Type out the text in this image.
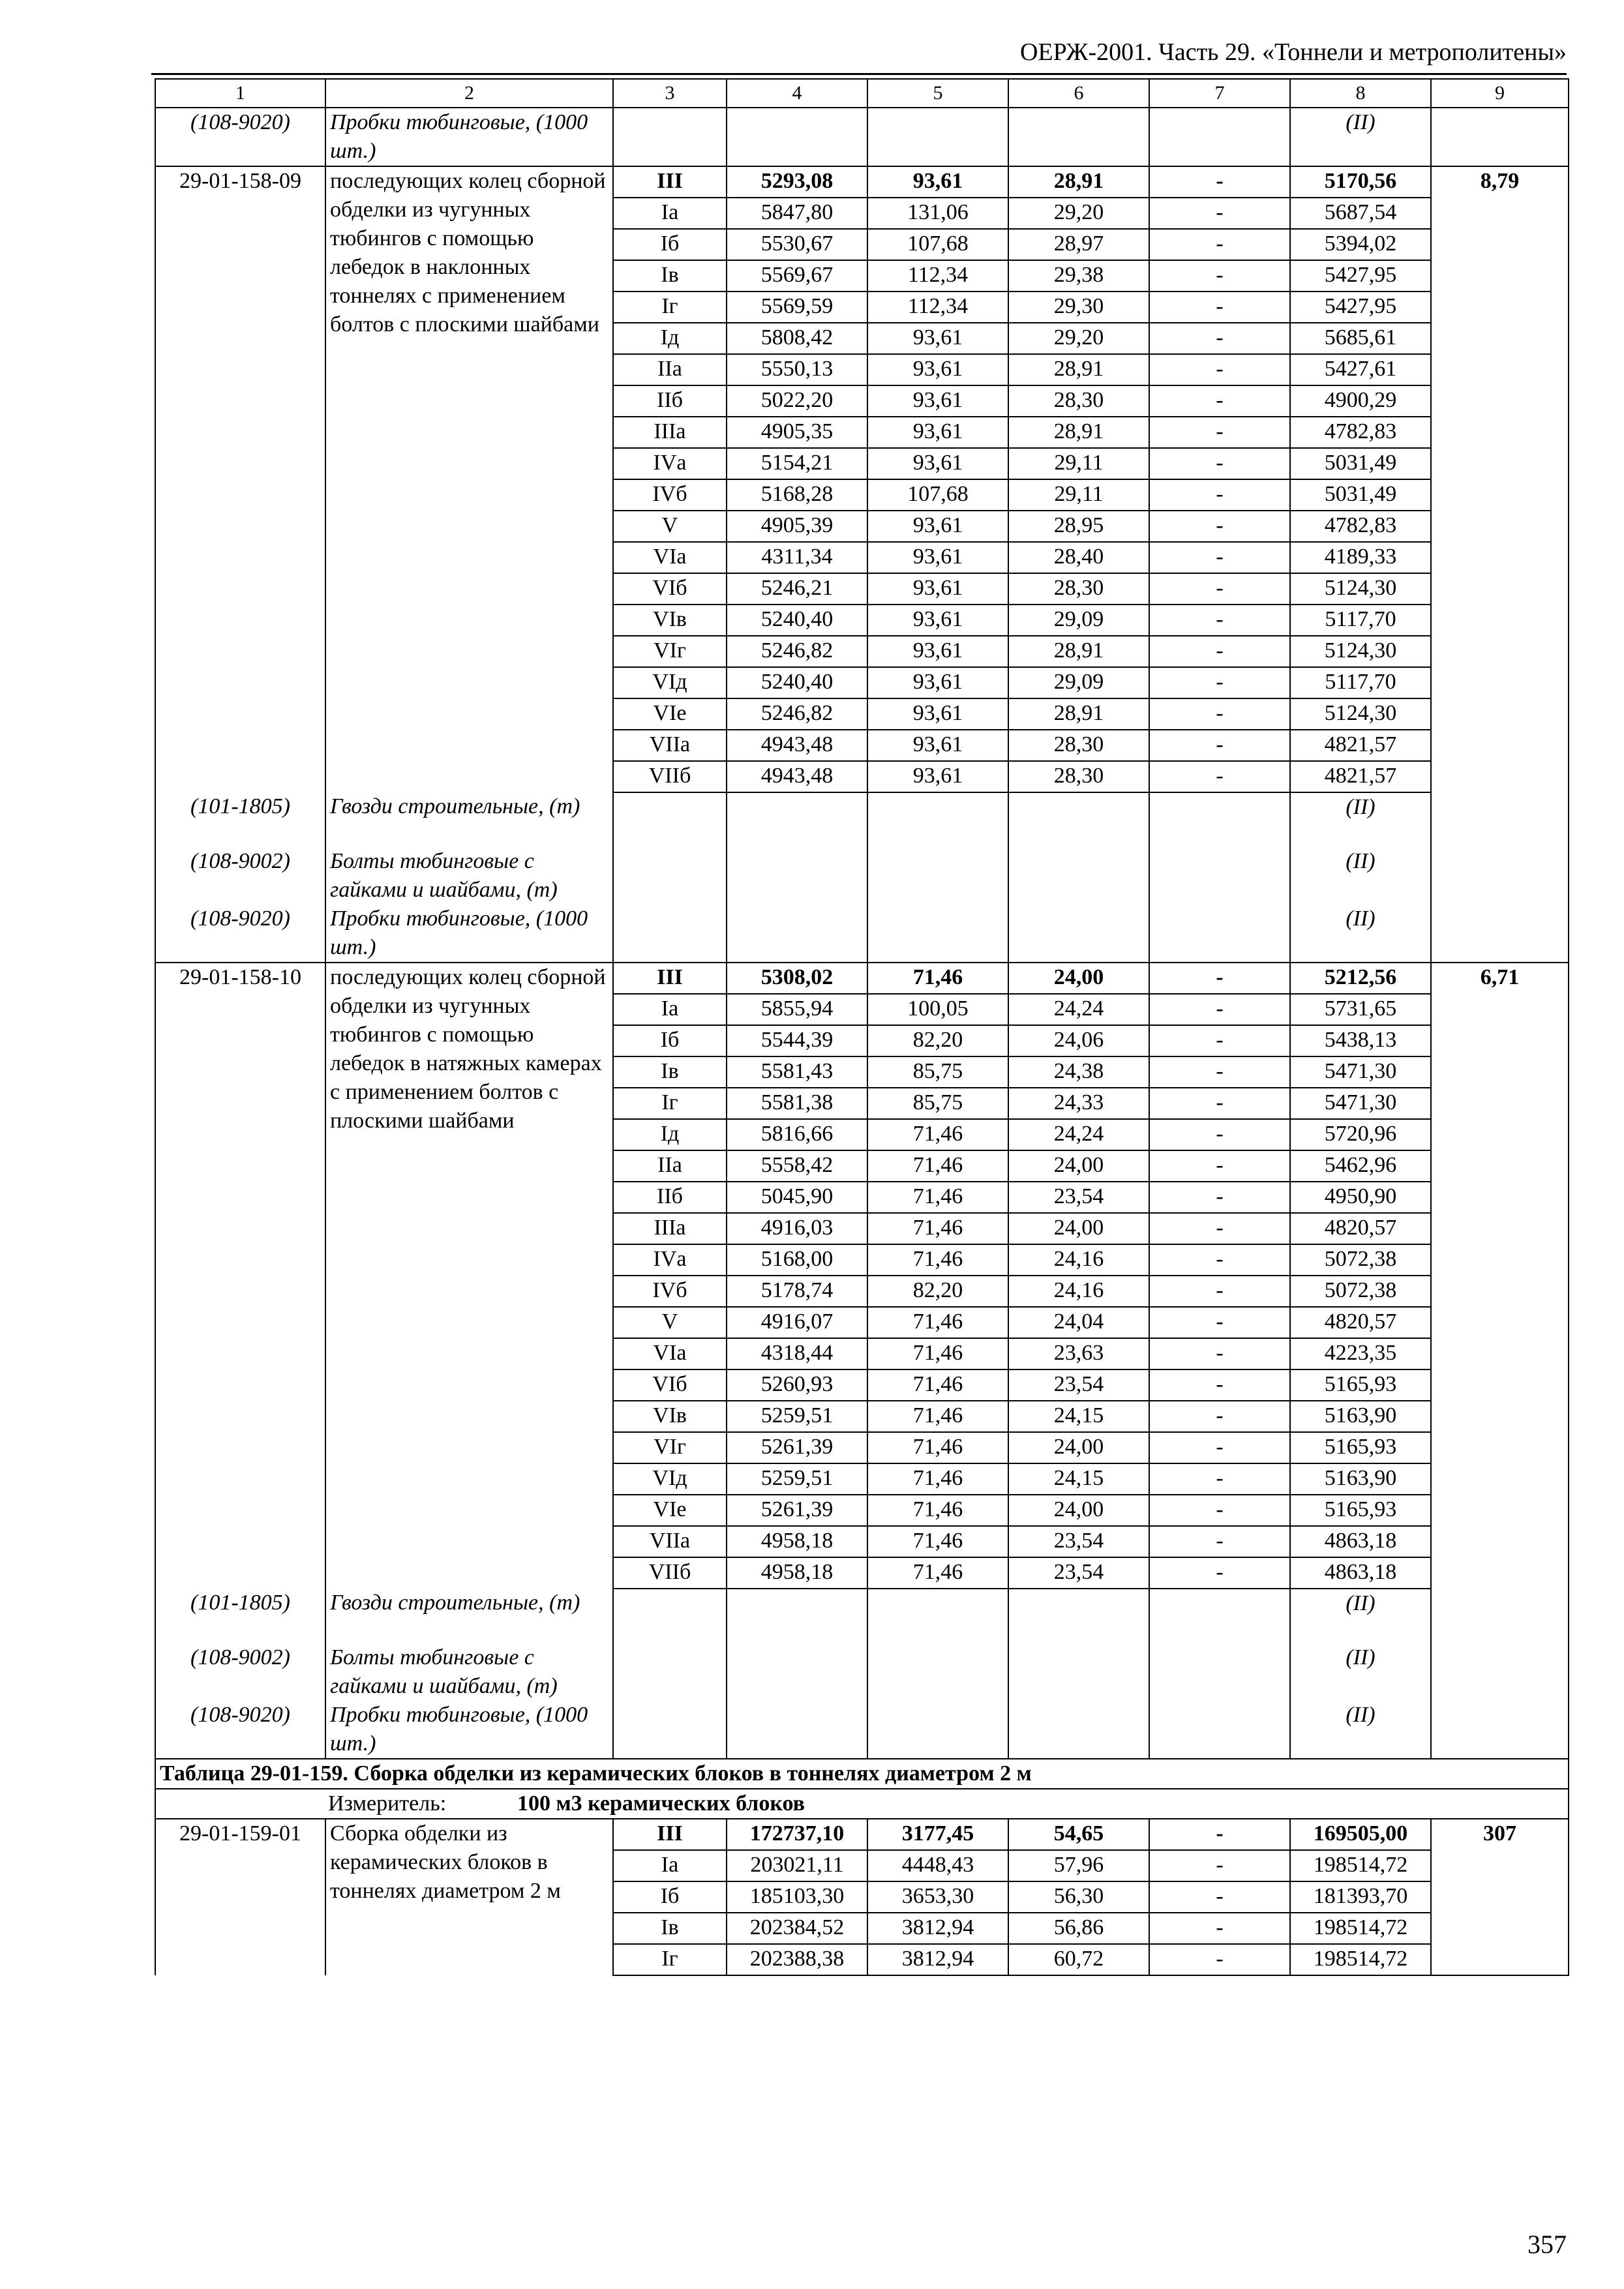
ОЕРЖ-2001. Часть 29. «Тоннели и метрополитены»
1	2	3	4	5	6	7	8	9
(108-9020)	Пробки тюбинговые, (1000 шт.)						(II)	
29-01-158-09	последующих колец сборной обделки из чугунных тюбингов с помощью лебедок в наклонных тоннелях с применением болтов с плоскими шайбами	III	5293,08	93,61	28,91	-	5170,56	8,79
		Iа	5847,80	131,06	29,20	-	5687,54	
		Iб	5530,67	107,68	28,97	-	5394,02	
		Iв	5569,67	112,34	29,38	-	5427,95	
		Iг	5569,59	112,34	29,30	-	5427,95	
		Iд	5808,42	93,61	29,20	-	5685,61	
		IIа	5550,13	93,61	28,91	-	5427,61	
		IIб	5022,20	93,61	28,30	-	4900,29	
		IIIа	4905,35	93,61	28,91	-	4782,83	
		IVа	5154,21	93,61	29,11	-	5031,49	
		IVб	5168,28	107,68	29,11	-	5031,49	
		V	4905,39	93,61	28,95	-	4782,83	
		VIа	4311,34	93,61	28,40	-	4189,33	
		VIб	5246,21	93,61	28,30	-	5124,30	
		VIв	5240,40	93,61	29,09	-	5117,70	
		VIг	5246,82	93,61	28,91	-	5124,30	
		VIд	5240,40	93,61	29,09	-	5117,70	
		VIе	5246,82	93,61	28,91	-	5124,30	
		VIIа	4943,48	93,61	28,30	-	4821,57	
		VIIб	4943,48	93,61	28,30	-	4821,57	
(101-1805)	Гвозди строительные, (т)						(II)	
(108-9002)	Болты тюбинговые с гайками и шайбами, (т)						(II)	
(108-9020)	Пробки тюбинговые, (1000 шт.)						(II)	
29-01-158-10	последующих колец сборной обделки из чугунных тюбингов с помощью лебедок в натяжных камерах с применением болтов с плоскими шайбами	III	5308,02	71,46	24,00	-	5212,56	6,71
		Iа	5855,94	100,05	24,24	-	5731,65	
		Iб	5544,39	82,20	24,06	-	5438,13	
		Iв	5581,43	85,75	24,38	-	5471,30	
		Iг	5581,38	85,75	24,33	-	5471,30	
		Iд	5816,66	71,46	24,24	-	5720,96	
		IIа	5558,42	71,46	24,00	-	5462,96	
		IIб	5045,90	71,46	23,54	-	4950,90	
		IIIа	4916,03	71,46	24,00	-	4820,57	
		IVа	5168,00	71,46	24,16	-	5072,38	
		IVб	5178,74	82,20	24,16	-	5072,38	
		V	4916,07	71,46	24,04	-	4820,57	
		VIа	4318,44	71,46	23,63	-	4223,35	
		VIб	5260,93	71,46	23,54	-	5165,93	
		VIв	5259,51	71,46	24,15	-	5163,90	
		VIг	5261,39	71,46	24,00	-	5165,93	
		VIд	5259,51	71,46	24,15	-	5163,90	
		VIе	5261,39	71,46	24,00	-	5165,93	
		VIIа	4958,18	71,46	23,54	-	4863,18	
		VIIб	4958,18	71,46	23,54	-	4863,18	
(101-1805)	Гвозди строительные, (т)						(II)	
(108-9002)	Болты тюбинговые с гайками и шайбами, (т)						(II)	
(108-9020)	Пробки тюбинговые, (1000 шт.)						(II)	
Таблица 29-01-159. Сборка обделки из керамических блоков в тоннелях диаметром 2 м								
Измеритель: 100 м3 керамических блоков								
29-01-159-01	Сборка обделки из керамических блоков в тоннелях диаметром 2 м	III	172737,10	3177,45	54,65	-	169505,00	307
		Iа	203021,11	4448,43	57,96	-	198514,72	
		Iб	185103,30	3653,30	56,30	-	181393,70	
		Iв	202384,52	3812,94	56,86	-	198514,72	
		Iг	202388,38	3812,94	60,72	-	198514,72	
357
